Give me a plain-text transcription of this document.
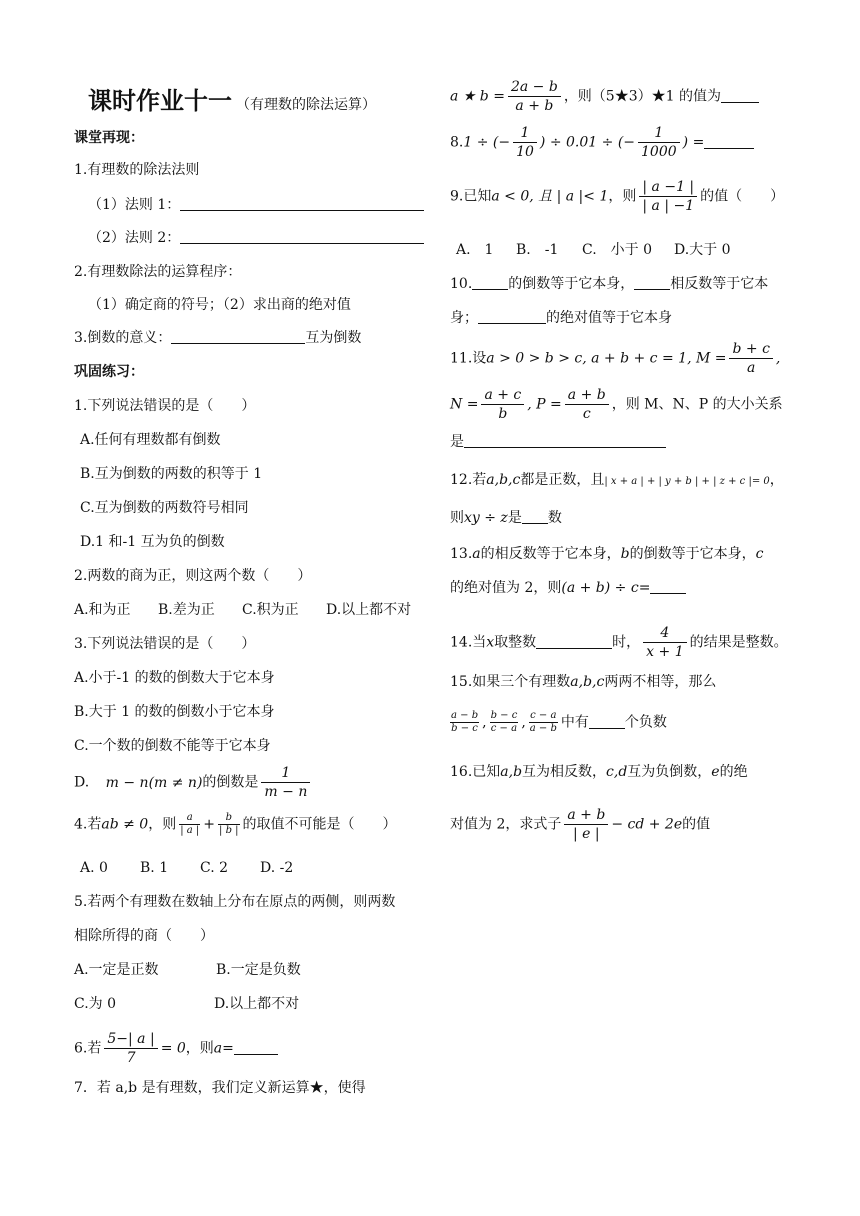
课时作业十一 （有理数的除法运算）
课堂再现：
1.有理数的除法法则
（1）法则 1：
（2）法则 2：
2.有理数除法的运算程序：
（1）确定商的符号；（2）求出商的绝对值
3.倒数的意义：	互为倒数
巩固练习：
1.下列说法错误的是（　　）
A.任何有理数都有倒数
B.互为倒数的两数的积等于 1
C.互为倒数的两数符号相同
D.1 和-1 互为负的倒数
2.两数的商为正，则这两个数（　　）
A.和为正 B.差为正 C.积为正 D.以上都不对
3.下列说法错误的是（　　）
A.小于-1 的数的倒数大于它本身
B.大于 1 的数的倒数小于它本身
C.一个数的倒数不能等于它本身
D. m − n(m ≠ n)的倒数是 $\frac{1}{m - n}$
4.若ab ≠ 0，则 $\frac{a}{| a |} + \frac{b}{| b |}$ 的取值不可能是（　　）
A. 0 B. 1 C. 2 D. -2
5.若两个有理数在数轴上分布在原点的两侧，则两数
相除所得的商（　　）
A.一定是正数	B.一定是负数
C.为 0	D.以上都不对
6.若 $\frac{5-| a |}{7} = 0$，则a=
7．若 a,b 是有理数，我们定义新运算★，使得
a ★ $b = \frac{2a - b}{a + b}$ ，则（5★3）★1 的值为
8.1 ÷ (− $\frac{1}{10}$ ) ÷ 0.01 ÷ (− $\frac{1}{1000}$ ) =
9.已知a < 0, 且 | a |< 1，则 $\frac{| a -1 |}{| a | -1}$ 的值（　　）
A.　1 B.　-1 C.　小于 0 D.大于 0
10.	的倒数等于它本身，	相反数等于它本
身；	的绝对值等于它本身
11.设a > 0 > b > c, a + b + c = 1, $M = \frac{b + c}{a}$ ,
$N = \frac{a + c}{b}$ , $P = \frac{a + b}{c}$ ，则 M、N、P 的大小关系
是
12.若a,b,c都是正数，且| x + a | + | y + b | + | z + c |= 0，
则xy ÷ z是 数
13.a的相反数等于它本身，b的倒数等于它本身，c
的绝对值为 2，则(a + b) ÷ c=
14.当x取整数	时， $\frac{4}{x + 1}$ 的结果是整数。
15.如果三个有理数a,b,c两两不相等，那么
$\frac{a - b}{b - c}$ , $\frac{b - c}{c - a}$ , $\frac{c - a}{a - b}$ 中有	个负数
16.已知a,b互为相反数，c,d互为负倒数，e的绝
对值为 2，求式子 $\frac{a + b}{| e |}$ − cd + 2e的值
